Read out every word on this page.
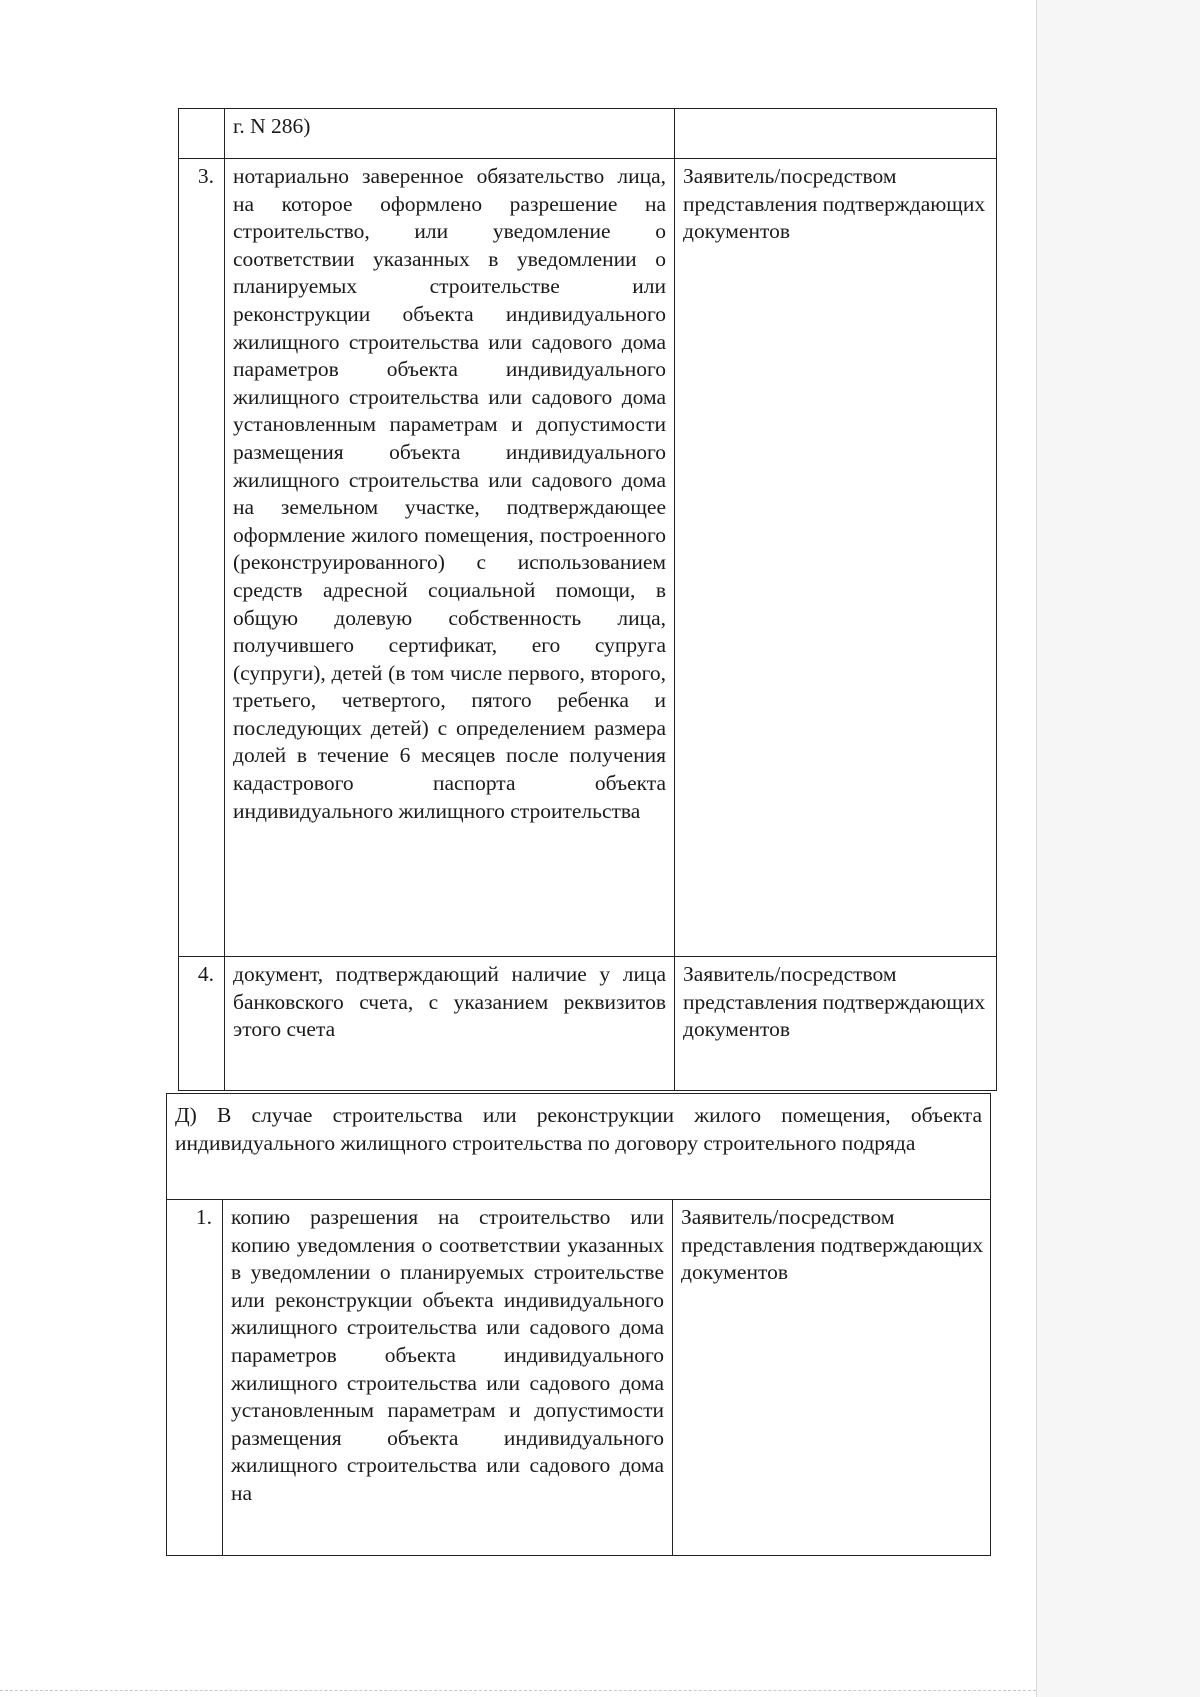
	г. N 286)	
3.	нотариально заверенное обязательство лица, на которое оформлено разрешение на строительство, или уведомление о соответствии указанных в уведомлении о планируемых строительстве или реконструкции объекта индивидуального жилищного строительства или садового дома параметров объекта индивидуального жилищного строительства или садового дома установленным параметрам и допустимости размещения объекта индивидуального жилищного строительства или садового дома на земельном участке, подтверждающее оформление жилого помещения, построенного (реконструированного) с использованием средств адресной социальной помощи, в общую долевую собственность лица, получившего сертификат, его супруга (супруги), детей (в том числе первого, второго, третьего, четвертого, пятого ребенка и последующих детей) с определением размера долей в течение 6 месяцев после получения кадастрового паспорта объекта индивидуального жилищного строительства	Заявитель/посредством представления подтверждающих документов
4.	документ, подтверждающий наличие у лица банковского счета, с указанием реквизитов этого счета	Заявитель/посредством представления подтверждающих документов
Д) В случае строительства или реконструкции жилого помещения, объекта индивидуального жилищного строительства по договору строительного подряда
1.	копию разрешения на строительство или копию уведомления о соответствии указанных в уведомлении о планируемых строительстве или реконструкции объекта индивидуального жилищного строительства или садового дома параметров объекта индивидуального жилищного строительства или садового дома установленным параметрам и допустимости размещения объекта индивидуального жилищного строительства или садового дома на	Заявитель/посредством представления подтверждающих документов
